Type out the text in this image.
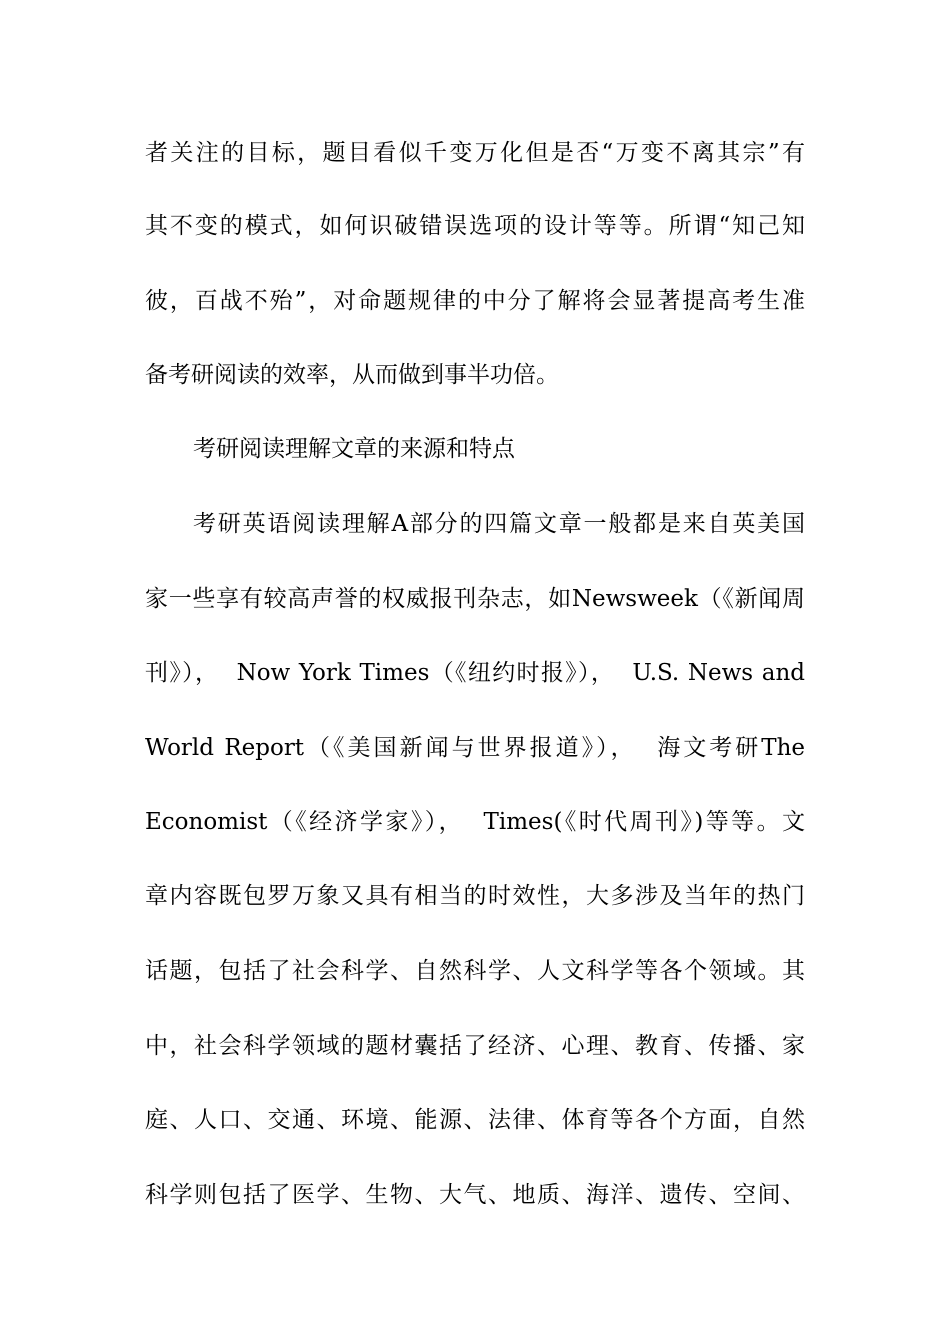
者关注的目标，题目看似千变万化但是否“万变不离其宗”有
其不变的模式，如何识破错误选项的设计等等。所谓“知己知
彼，百战不殆”，对命题规律的中分了解将会显著提高考生准
备考研阅读的效率，从而做到事半功倍。
考研阅读理解文章的来源和特点
考研英语阅读理解A部分的四篇文章一般都是来自英美国
家一些享有较高声誉的权威报刊杂志，如Newsweek（《新闻周
刊》），  Now York Times（《纽约时报》），  U.S. News and
World Report（《美国新闻与世界报道》），  海文考研The
Economist（《经济学家》），  Times(《时代周刊》)等等。文
章内容既包罗万象又具有相当的时效性，大多涉及当年的热门
话题，包括了社会科学、自然科学、人文科学等各个领域。其
中，社会科学领域的题材囊括了经济、心理、教育、传播、家
庭、人口、交通、环境、能源、法律、体育等各个方面，自然
科学则包括了医学、生物、大气、地质、海洋、遗传、空间、
